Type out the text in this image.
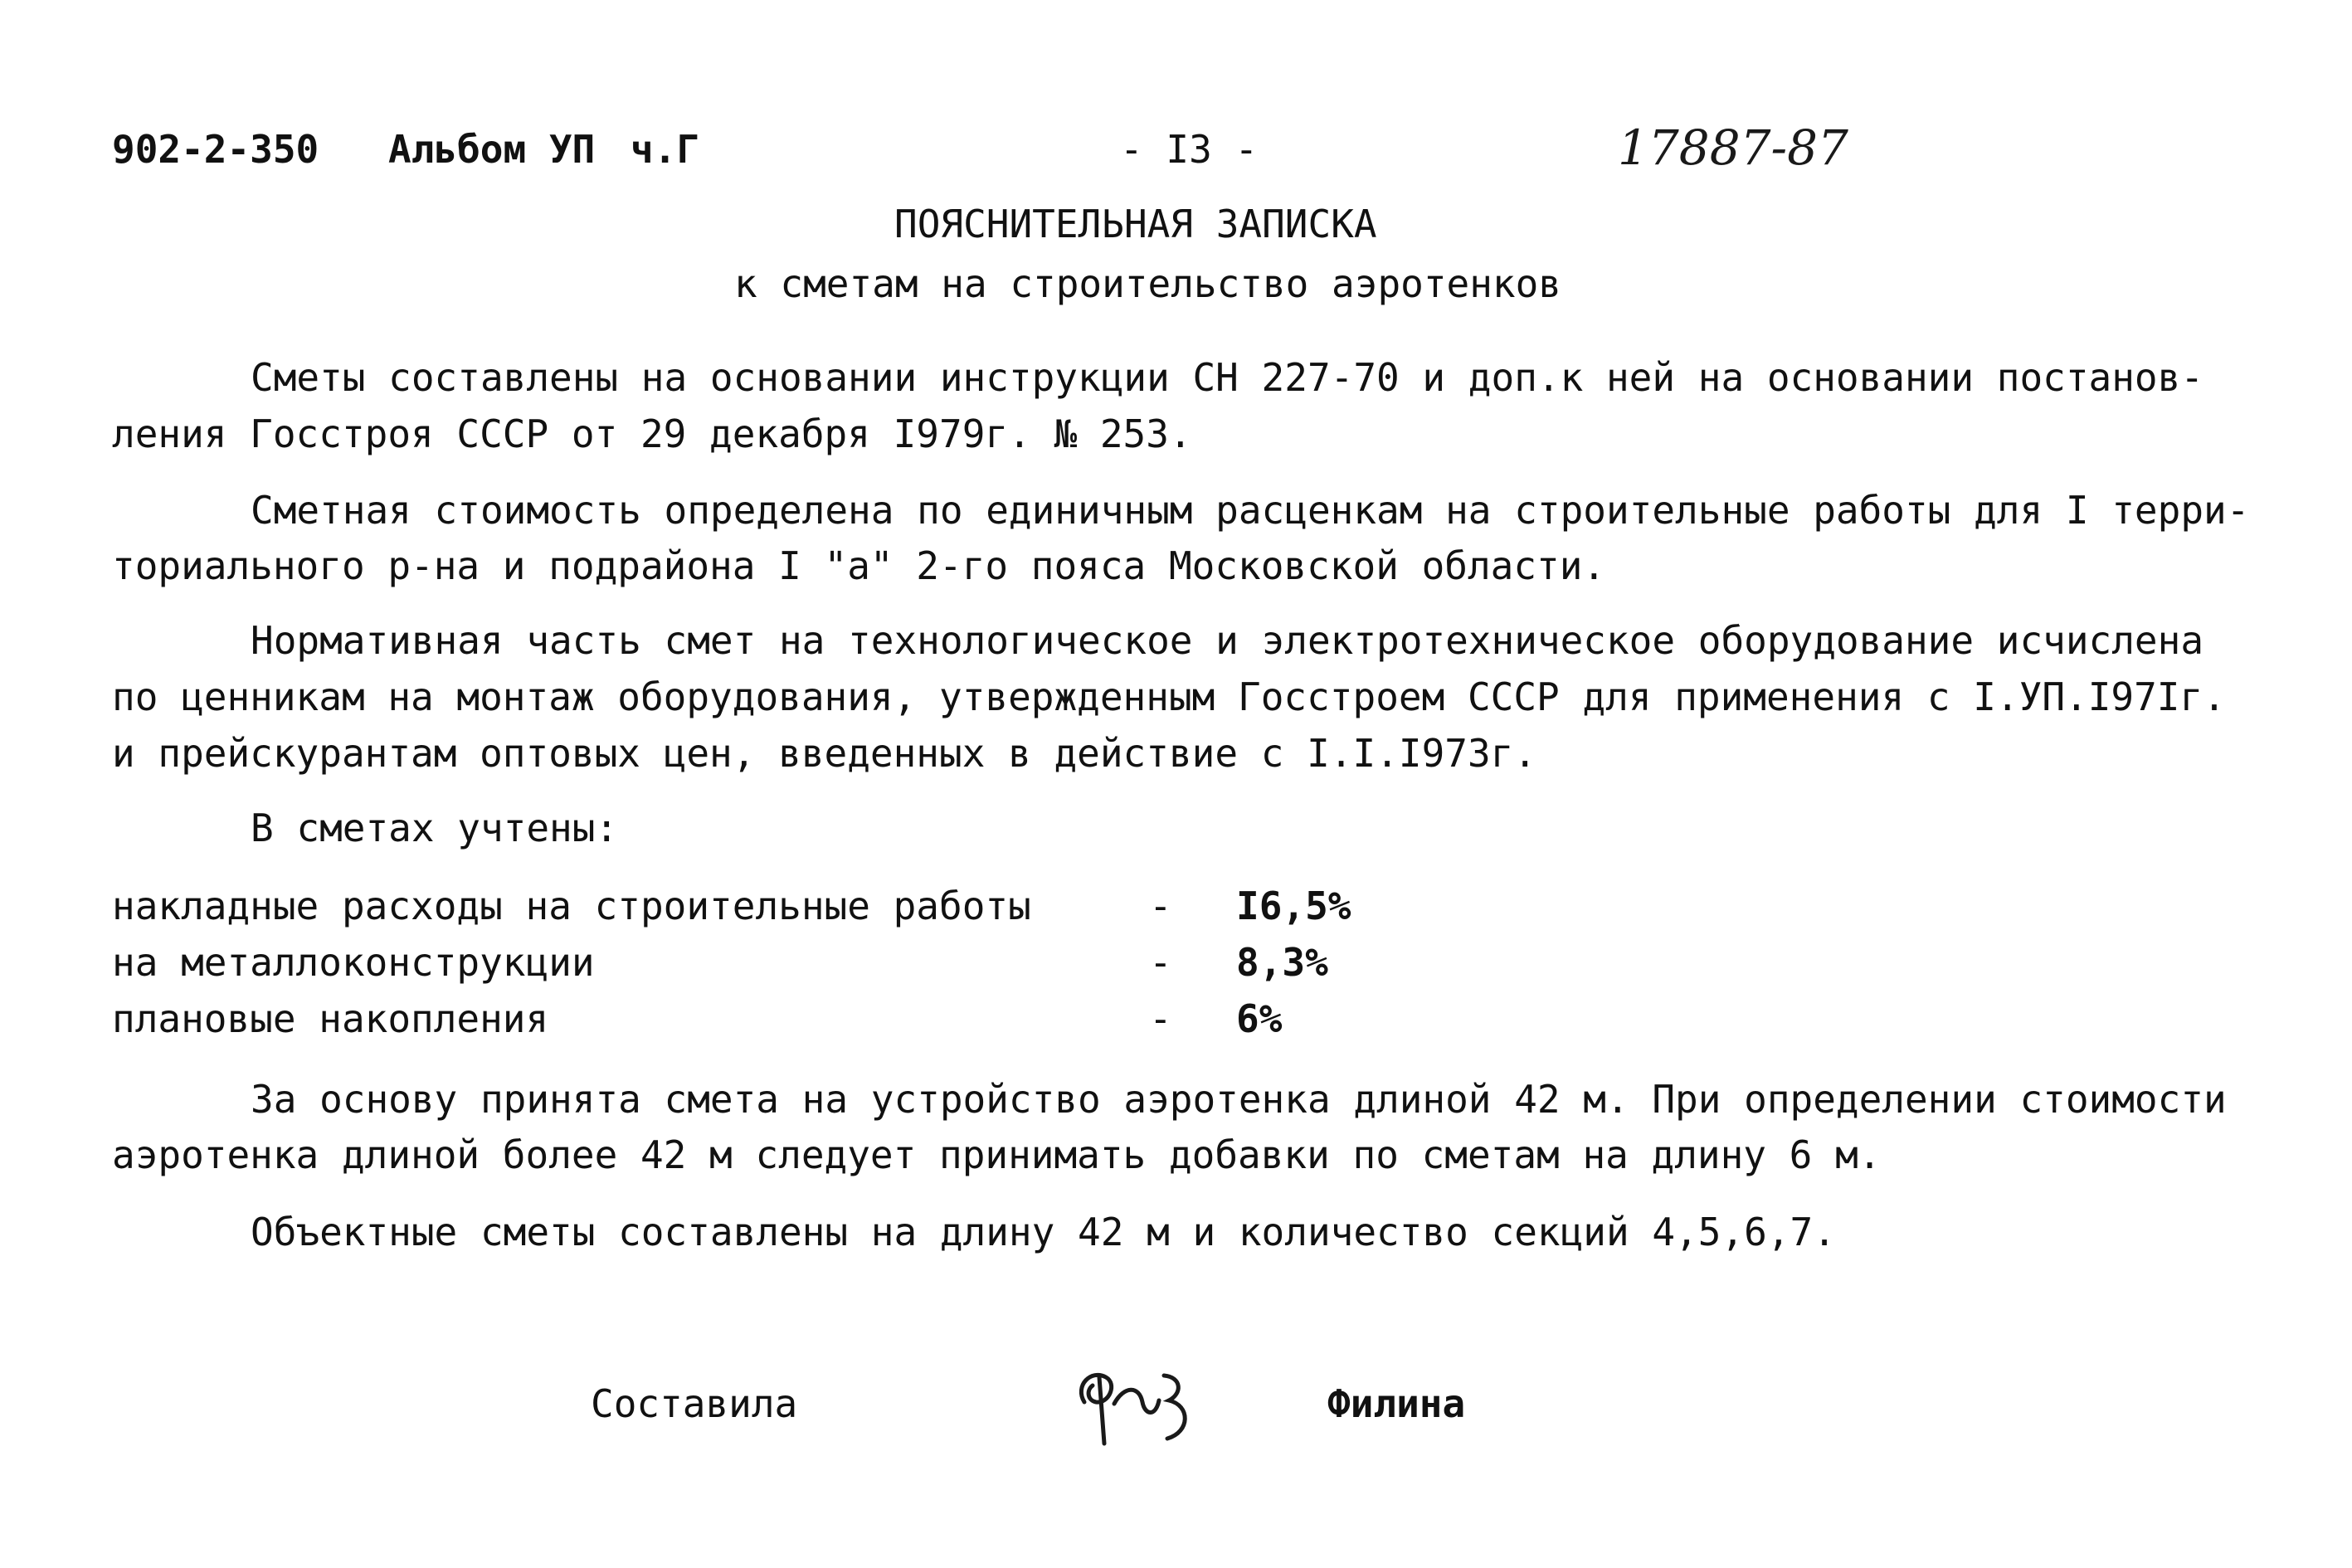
902-2-350 Альбом УП ч.Г	- I3 -	17887-87
ПОЯСНИТЕЛЬНАЯ ЗАПИСКА
к сметам на строительство аэротенков
Сметы составлены на основании инструкции СН 227-70 и доп.к ней на основании постанов-
ления Госстроя СССР от 29 декабря I979г. № 253.
Сметная стоимость определена по единичным расценкам на строительные работы для I терри-
ториального р-на и подрайона I "а" 2-го пояса Московской области.
Нормативная часть смет на технологическое и электротехническое оборудование исчислена
по ценникам на монтаж оборудования, утвержденным Госстроем СССР для применения с I.УП.I97Iг.
и прейскурантам оптовых цен, введенных в действие с I.I.I973г.
В сметах учтены:
накладные расходы на строительные работы	- I6,5%
на металлоконструкции	- 8,3%
плановые накопления	- 6%
За основу принята смета на устройство аэротенка длиной 42 м. При определении стоимости
аэротенка длиной более 42 м следует принимать добавки по сметам на длину 6 м.
Объектные сметы составлены на длину 42 м и количество секций 4,5,6,7.
Составила	Филина
